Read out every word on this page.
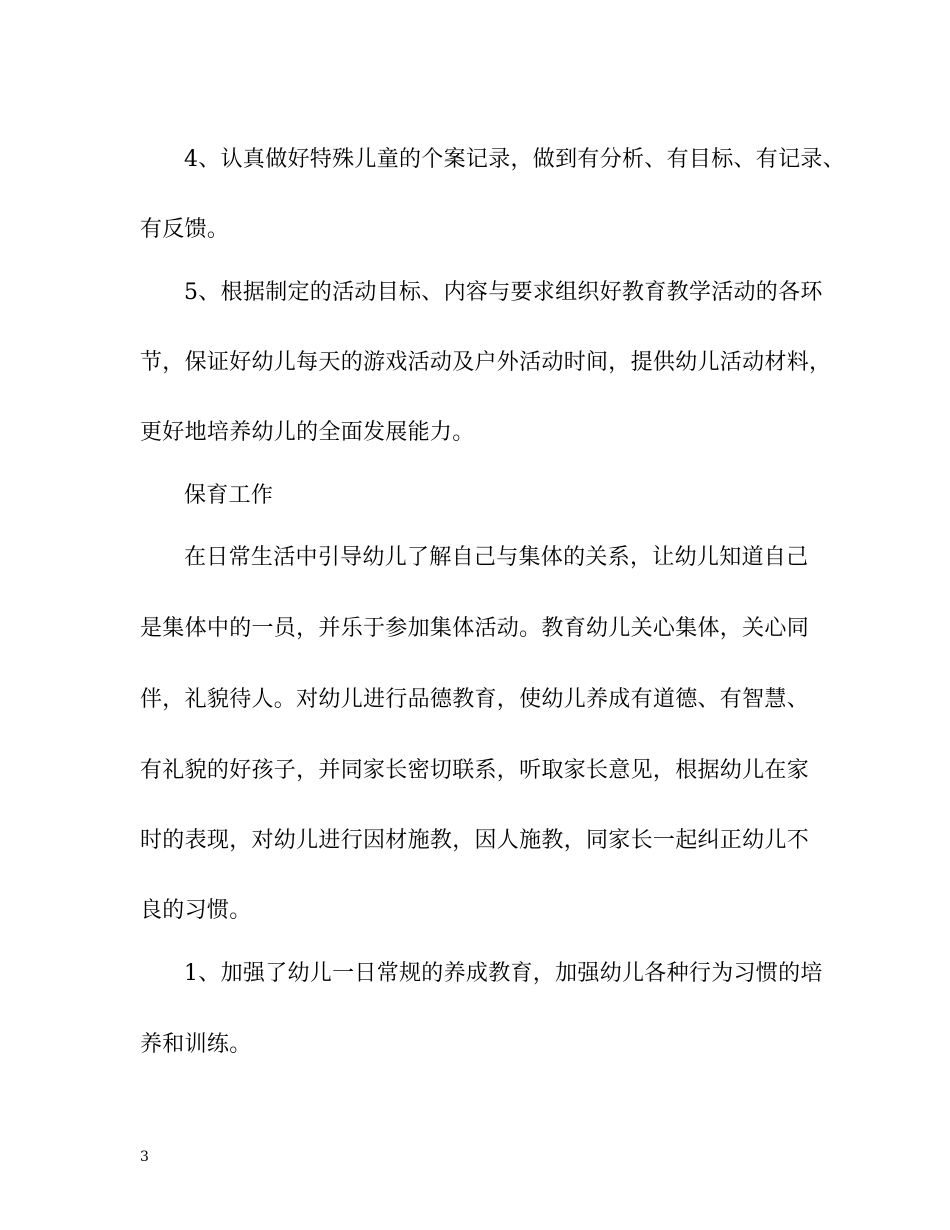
4、认真做好特殊儿童的个案记录，做到有分析、有目标、有记录、
有反馈。
5、根据制定的活动目标、内容与要求组织好教育教学活动的各环
节，保证好幼儿每天的游戏活动及户外活动时间，提供幼儿活动材料，
更好地培养幼儿的全面发展能力。
保育工作
在日常生活中引导幼儿了解自己与集体的关系，让幼儿知道自己
是集体中的一员，并乐于参加集体活动。教育幼儿关心集体，关心同
伴，礼貌待人。对幼儿进行品德教育，使幼儿养成有道德、有智慧、
有礼貌的好孩子，并同家长密切联系，听取家长意见，根据幼儿在家
时的表现，对幼儿进行因材施教，因人施教，同家长一起纠正幼儿不
良的习惯。
1、加强了幼儿一日常规的养成教育，加强幼儿各种行为习惯的培
养和训练。
3
